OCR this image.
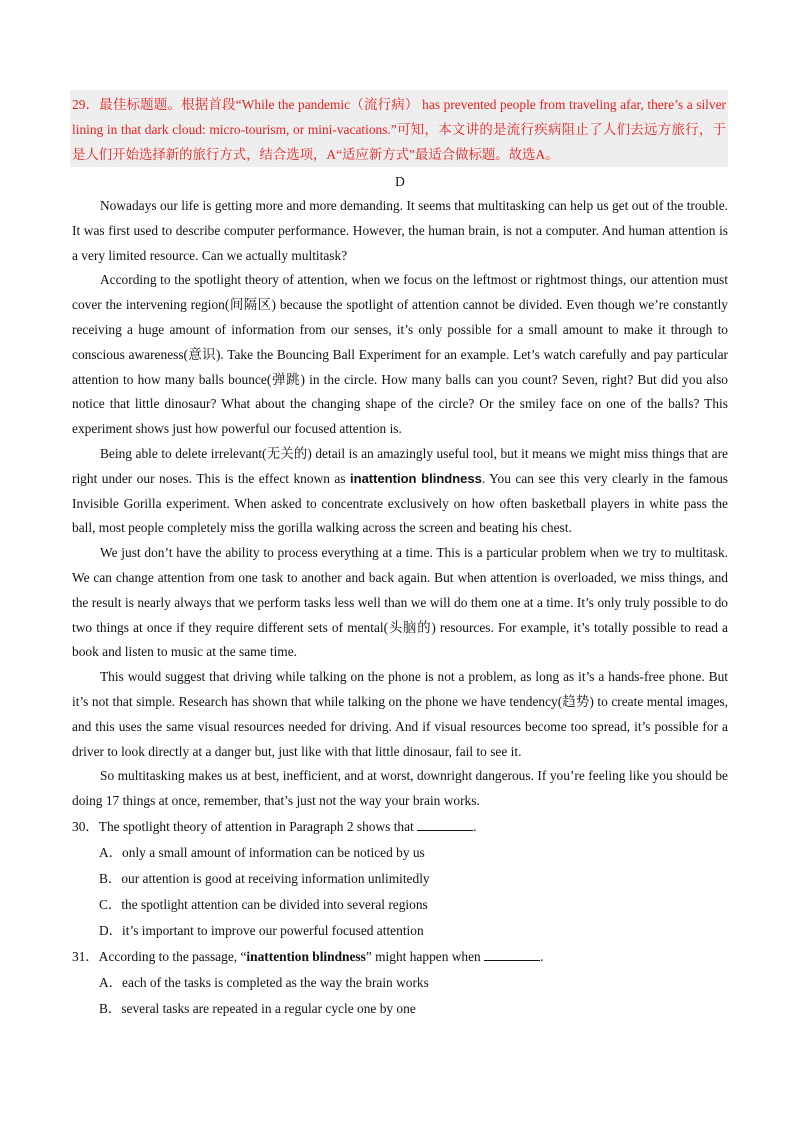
29．最佳标题题。根据首段“While the pandemic（流行病） has prevented people from traveling afar, there’s a silver lining in that dark cloud: micro-tourism, or mini-vacations.”可知，本文讲的是流行疾病阻止了人们去远方旅行，于是人们开始选择新的旅行方式，结合选项，A“适应新方式”最适合做标题。故选A。
D

Nowadays our life is getting more and more demanding. It seems that multitasking can help us get out of the trouble. It was first used to describe computer performance. However, the human brain, is not a computer. And human attention is a very limited resource. Can we actually multitask?

According to the spotlight theory of attention, when we focus on the leftmost or rightmost things, our attention must cover the intervening region(间隔区) because the spotlight of attention cannot be divided. Even though we’re constantly receiving a huge amount of information from our senses, it’s only possible for a small amount to make it through to conscious awareness(意识). Take the Bouncing Ball Experiment for an example. Let’s watch carefully and pay particular attention to how many balls bounce(弹跳) in the circle. How many balls can you count? Seven, right? But did you also notice that little dinosaur? What about the changing shape of the circle? Or the smiley face on one of the balls? This experiment shows just how powerful our focused attention is.

Being able to delete irrelevant(无关的) detail is an amazingly useful tool, but it means we might miss things that are right under our noses. This is the effect known as inattention blindness. You can see this very clearly in the famous Invisible Gorilla experiment. When asked to concentrate exclusively on how often basketball players in white pass the ball, most people completely miss the gorilla walking across the screen and beating his chest.

We just don’t have the ability to process everything at a time. This is a particular problem when we try to multitask. We can change attention from one task to another and back again. But when attention is overloaded, we miss things, and the result is nearly always that we perform tasks less well than we will do them one at a time. It’s only truly possible to do two things at once if they require different sets of mental(头脑的) resources. For example, it’s totally possible to read a book and listen to music at the same time.

This would suggest that driving while talking on the phone is not a problem, as long as it’s a hands-free phone. But it’s not that simple. Research has shown that while talking on the phone we have tendency(趋势) to create mental images, and this uses the same visual resources needed for driving. And if visual resources become too spread, it’s possible for a driver to look directly at a danger but, just like with that little dinosaur, fail to see it.

So multitasking makes us at best, inefficient, and at worst, downright dangerous. If you’re feeling like you should be doing 17 things at once, remember, that’s just not the way your brain works.

30．The spotlight theory of attention in Paragraph 2 shows that	.

A．only a small amount of information can be noticed by us

B．our attention is good at receiving information unlimitedly

C．the spotlight attention can be divided into several regions

D．it’s important to improve our powerful focused attention

31．According to the passage, “inattention blindness” might happen when	.

A．each of the tasks is completed as the way the brain works

B．several tasks are repeated in a regular cycle one by one
